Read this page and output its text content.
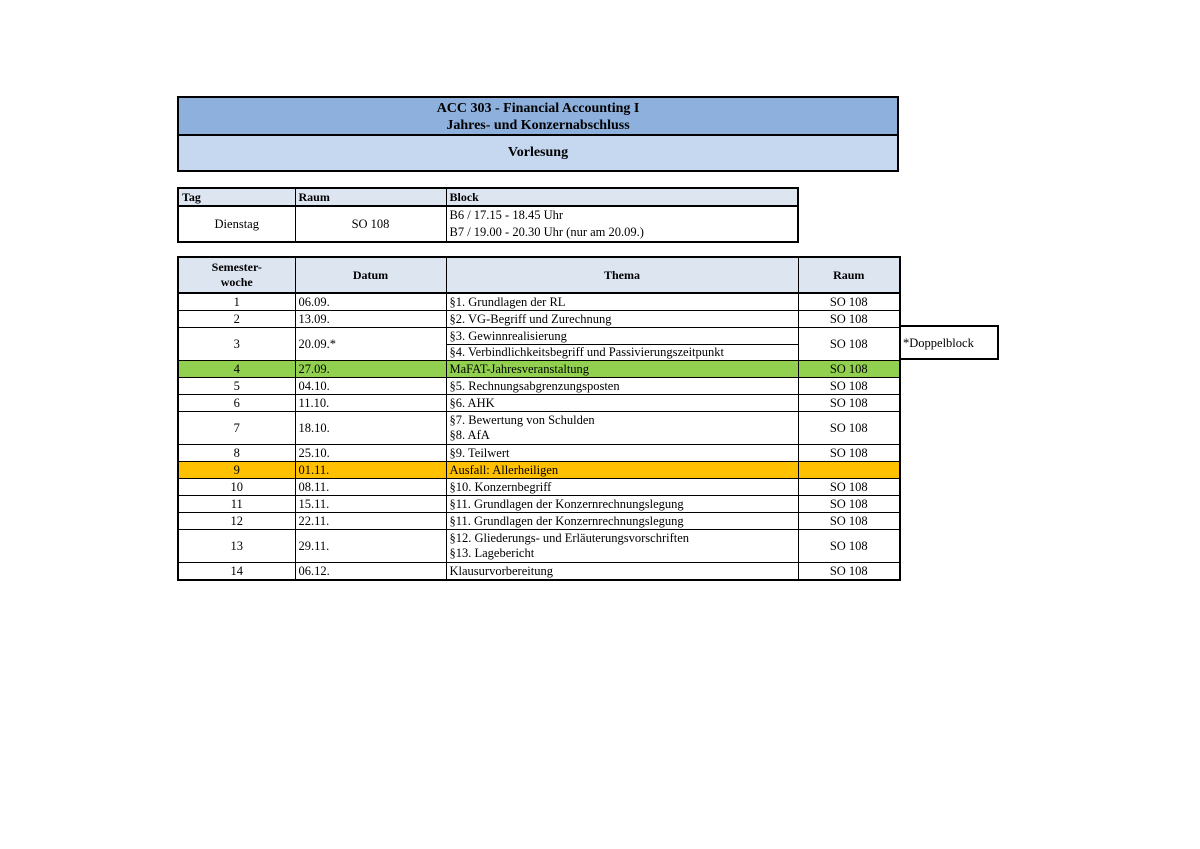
ACC 303 - Financial Accounting I
Jahres- und Konzernabschluss
Vorlesung
Tag	Raum	Block
Dienstag	SO 108	B6 / 17.15 - 18.45 Uhr
B7 / 19.00 - 20.30 Uhr (nur am 20.09.)
Semester-
woche	Datum	Thema	Raum
1	06.09.	§1. Grundlagen der RL	SO 108
2	13.09.	§2. VG-Begriff und Zurechnung	SO 108
3	20.09.*	§3. Gewinnrealisierung
§4. Verbindlichkeitsbegriff und Passivierungszeitpunkt	SO 108
4	27.09.	MaFAT-Jahresveranstaltung	SO 108
5	04.10.	§5. Rechnungsabgrenzungsposten	SO 108
6	11.10.	§6. AHK	SO 108
7	18.10.	§7. Bewertung von Schulden
§8. AfA	SO 108
8	25.10.	§9. Teilwert	SO 108
9	01.11.	Ausfall: Allerheiligen	
10	08.11.	§10. Konzernbegriff	SO 108
11	15.11.	§11. Grundlagen der Konzernrechnungslegung	SO 108
12	22.11.	§11. Grundlagen der Konzernrechnungslegung	SO 108
13	29.11.	§12. Gliederungs- und Erläuterungsvorschriften
§13. Lagebericht	SO 108
14	06.12.	Klausurvorbereitung	SO 108
*Doppelblock
